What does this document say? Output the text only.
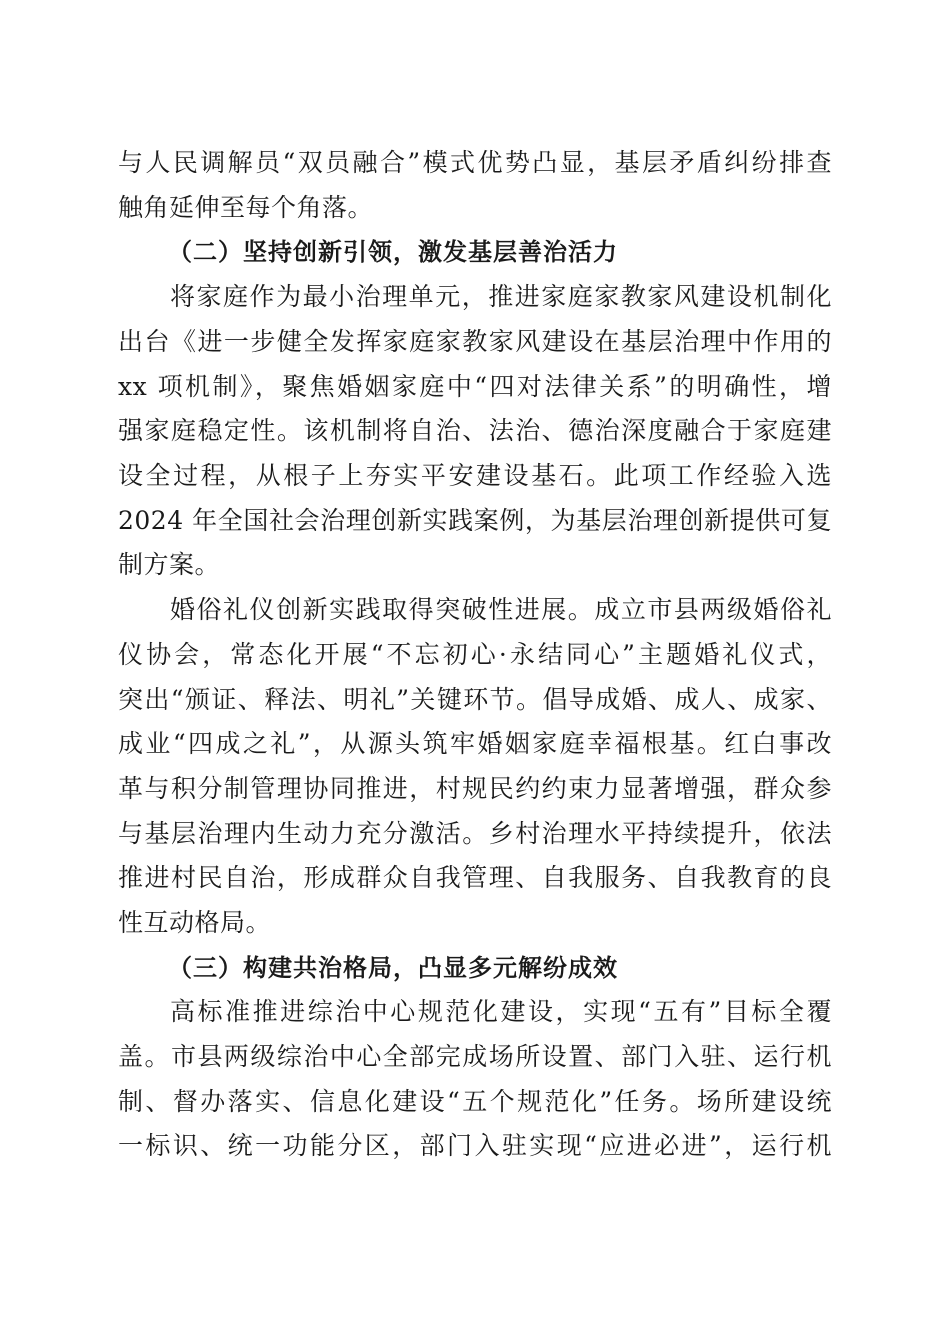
与人民调解员“双员融合”模式优势凸显，基层矛盾纠纷排查
触角延伸至每个角落。
（二）坚持创新引领，激发基层善治活力
将家庭作为最小治理单元，推进家庭家教家风建设机制化
出台《进一步健全发挥家庭家教家风建设在基层治理中作用的
xx 项机制》，聚焦婚姻家庭中“四对法律关系”的明确性，增
强家庭稳定性。该机制将自治、法治、德治深度融合于家庭建
设全过程，从根子上夯实平安建设基石。此项工作经验入选
2024 年全国社会治理创新实践案例，为基层治理创新提供可复
制方案。
婚俗礼仪创新实践取得突破性进展。成立市县两级婚俗礼
仪协会，常态化开展“不忘初心·永结同心”主题婚礼仪式，
突出“颁证、释法、明礼”关键环节。倡导成婚、成人、成家、
成业“四成之礼”，从源头筑牢婚姻家庭幸福根基。红白事改
革与积分制管理协同推进，村规民约约束力显著增强，群众参
与基层治理内生动力充分激活。乡村治理水平持续提升，依法
推进村民自治，形成群众自我管理、自我服务、自我教育的良
性互动格局。
（三）构建共治格局，凸显多元解纷成效
高标准推进综治中心规范化建设，实现“五有”目标全覆
盖。市县两级综治中心全部完成场所设置、部门入驻、运行机
制、督办落实、信息化建设“五个规范化”任务。场所建设统
一标识、统一功能分区，部门入驻实现“应进必进”，运行机
